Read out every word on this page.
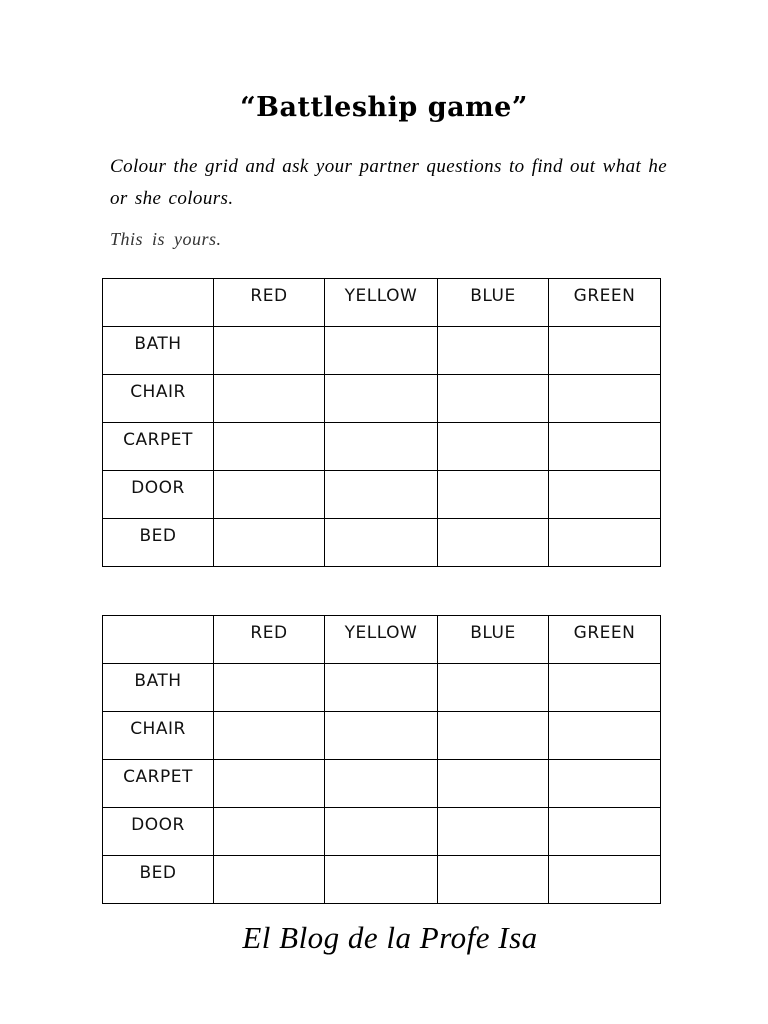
“Battleship game”
Colour the grid and ask your partner questions to find out what he or she colours.
This is yours.

	RED	YELLOW	BLUE	GREEN

BATH				

CHAIR				

CARPET				

DOOR				

BED				

	RED	YELLOW	BLUE	GREEN

BATH				

CHAIR				

CARPET				

DOOR				

BED				

El Blog de la Profe Isa
